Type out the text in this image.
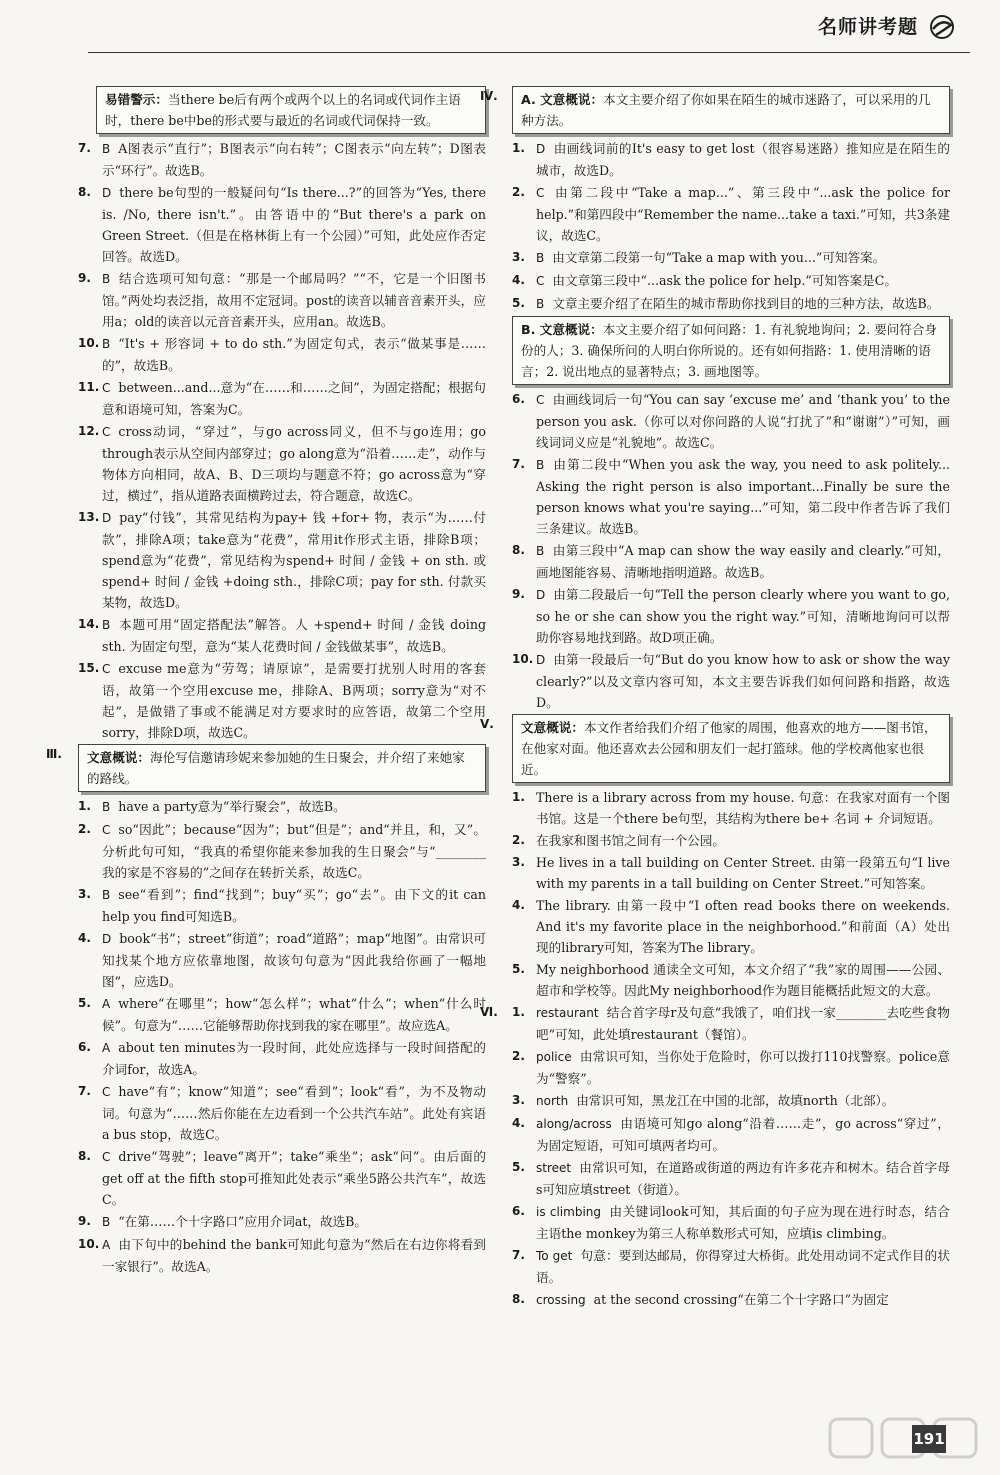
名师讲考题
易错警示：当there be后有两个或两个以上的名词或代词作主语时，there be中be的形式要与最近的名词或代词保持一致。
7. B A图表示“直行”；B图表示“向右转”；C图表示“向左转”；D图表示“环行”。故选B。
8. D there be句型的一般疑问句“Is there...?”的回答为“Yes, there is. /No, there isn't.”。由答语中的“But there's a park on Green Street.（但是在格林街上有一个公园）”可知，此处应作否定回答。故选D。
9. B 结合选项可知句意：“那是一个邮局吗？”“不，它是一个旧图书馆。”两处均表泛指，故用不定冠词。post的读音以辅音音素开头，应用a；old的读音以元音音素开头，应用an。故选B。
10. B “It's + 形容词 + to do sth.”为固定句式，表示“做某事是……的”，故选B。
11. C between...and...意为“在……和……之间”，为固定搭配；根据句意和语境可知，答案为C。
12. C cross动词，“穿过”，与go across同义，但不与go连用；go through表示从空间内部穿过；go along意为“沿着……走”，动作与物体方向相同，故A、B、D三项均与题意不符；go across意为“穿过，横过”，指从道路表面横跨过去，符合题意，故选C。
13. D pay“付钱”，其常见结构为pay+ 钱 +for+ 物，表示“为……付款”，排除A项；take意为“花费”，常用it作形式主语，排除B项；spend意为“花费”，常见结构为spend+ 时间 / 金钱 + on sth. 或spend+ 时间 / 金钱 +doing sth.，排除C项；pay for sth. 付款买某物，故选D。
14. B 本题可用“固定搭配法”解答。人 +spend+ 时间 / 金钱 doing sth. 为固定句型，意为“某人花费时间 / 金钱做某事”，故选B。
15. C excuse me意为“劳驾；请原谅”，是需要打扰别人时用的客套语，故第一个空用excuse me，排除A、B两项；sorry意为“对不起”，是做错了事或不能满足对方要求时的应答语，故第二个空用sorry，排除D项，故选C。
Ⅲ.	文意概说：海伦写信邀请珍妮来参加她的生日聚会，并介绍了来她家的路线。
1. B have a party意为“举行聚会”，故选B。
2. C so“因此”；because“因为”；but“但是”；and“并且，和，又”。分析此句可知，“我真的希望你能来参加我的生日聚会”与“________我的家是不容易的”之间存在转折关系，故选C。
3. B see“看到”；find“找到”；buy“买”；go“去”。由下文的it can help you find可知选B。
4. D book“书”；street“街道”；road“道路”；map“地图”。由常识可知找某个地方应依靠地图，故该句句意为“因此我给你画了一幅地图”，应选D。
5. A where“在哪里”；how“怎么样”；what“什么”；when“什么时候”。句意为“……它能够帮助你找到我的家在哪里”。故应选A。
6. A about ten minutes为一段时间，此处应选择与一段时间搭配的介词for，故选A。
7. C have“有”；know“知道”；see“看到”；look“看”，为不及物动词。句意为“……然后你能在左边看到一个公共汽车站”。此处有宾语a bus stop，故选C。
8. C drive“驾驶”；leave“离开”；take“乘坐”；ask“问”。由后面的get off at the fifth stop可推知此处表示“乘坐5路公共汽车”，故选C。
9. B “在第……个十字路口”应用介词at，故选B。
10. A 由下句中的behind the bank可知此句意为“然后在右边你将看到一家银行”。故选A。
Ⅳ.	A. 文意概说：本文主要介绍了你如果在陌生的城市迷路了，可以采用的几种方法。
1. D 由画线词前的It's easy to get lost（很容易迷路）推知应是在陌生的城市，故选D。
2. C 由第二段中“Take a map...”、第三段中“...ask the police for help.”和第四段中“Remember the name...take a taxi.”可知，共3条建议，故选C。
3. B 由文章第二段第一句“Take a map with you...”可知答案。
4. C 由文章第三段中“...ask the police for help.”可知答案是C。
5. B 文章主要介绍了在陌生的城市帮助你找到目的地的三种方法，故选B。
B. 文意概说：本文主要介绍了如何问路：1. 有礼貌地询问；2. 要问符合身份的人；3. 确保所问的人明白你所说的。还有如何指路：1. 使用清晰的语言；2. 说出地点的显著特点；3. 画地图等。
6. C 由画线词后一句“You can say ‘excuse me’ and ‘thank you’ to the person you ask.（你可以对你问路的人说“打扰了”和“谢谢”）”可知，画线词词义应是“礼貌地”。故选C。
7. B 由第二段中“When you ask the way, you need to ask politely... Asking the right person is also important...Finally be sure the person knows what you're saying...”可知，第二段中作者告诉了我们三条建议。故选B。
8. B 由第三段中“A map can show the way easily and clearly.”可知，画地图能容易、清晰地指明道路。故选B。
9. D 由第二段最后一句“Tell the person clearly where you want to go, so he or she can show you the right way.”可知，清晰地询问可以帮助你容易地找到路。故D项正确。
10. D 由第一段最后一句“But do you know how to ask or show the way clearly?”以及文章内容可知，本文主要告诉我们如何问路和指路，故选D。
Ⅴ.	文意概说：本文作者给我们介绍了他家的周围，他喜欢的地方——图书馆，在他家对面。他还喜欢去公园和朋友们一起打篮球。他的学校离他家也很近。
1. There is a library across from my house. 句意：在我家对面有一个图书馆。这是一个there be句型，其结构为there be+ 名词 + 介词短语。
2. 在我家和图书馆之间有一个公园。
3. He lives in a tall building on Center Street. 由第一段第五句“I live with my parents in a tall building on Center Street.”可知答案。
4. The library. 由第一段中“I often read books there on weekends. And it's my favorite place in the neighborhood.”和前面（A）处出现的library可知，答案为The library。
5. My neighborhood 通读全文可知，本文介绍了“我”家的周围——公园、超市和学校等。因此My neighborhood作为题目能概括此短文的大意。
Ⅵ. 1. restaurant 结合首字母r及句意“我饿了，咱们找一家________去吃些食物吧”可知，此处填restaurant（餐馆）。
2. police 由常识可知，当你处于危险时，你可以拨打110找警察。police意为“警察”。
3. north 由常识可知，黑龙江在中国的北部，故填north（北部）。
4. along/across 由语境可知go along“沿着……走”，go across“穿过”，为固定短语，可知可填两者均可。
5. street 由常识可知，在道路或街道的两边有许多花卉和树木。结合首字母s可知应填street（街道）。
6. is climbing 由关键词look可知，其后面的句子应为现在进行时态，结合主语the monkey为第三人称单数形式可知，应填is climbing。
7. To get 句意：要到达邮局，你得穿过大桥街。此处用动词不定式作目的状语。
8. crossing at the second crossing“在第二个十字路口”为固定
191
